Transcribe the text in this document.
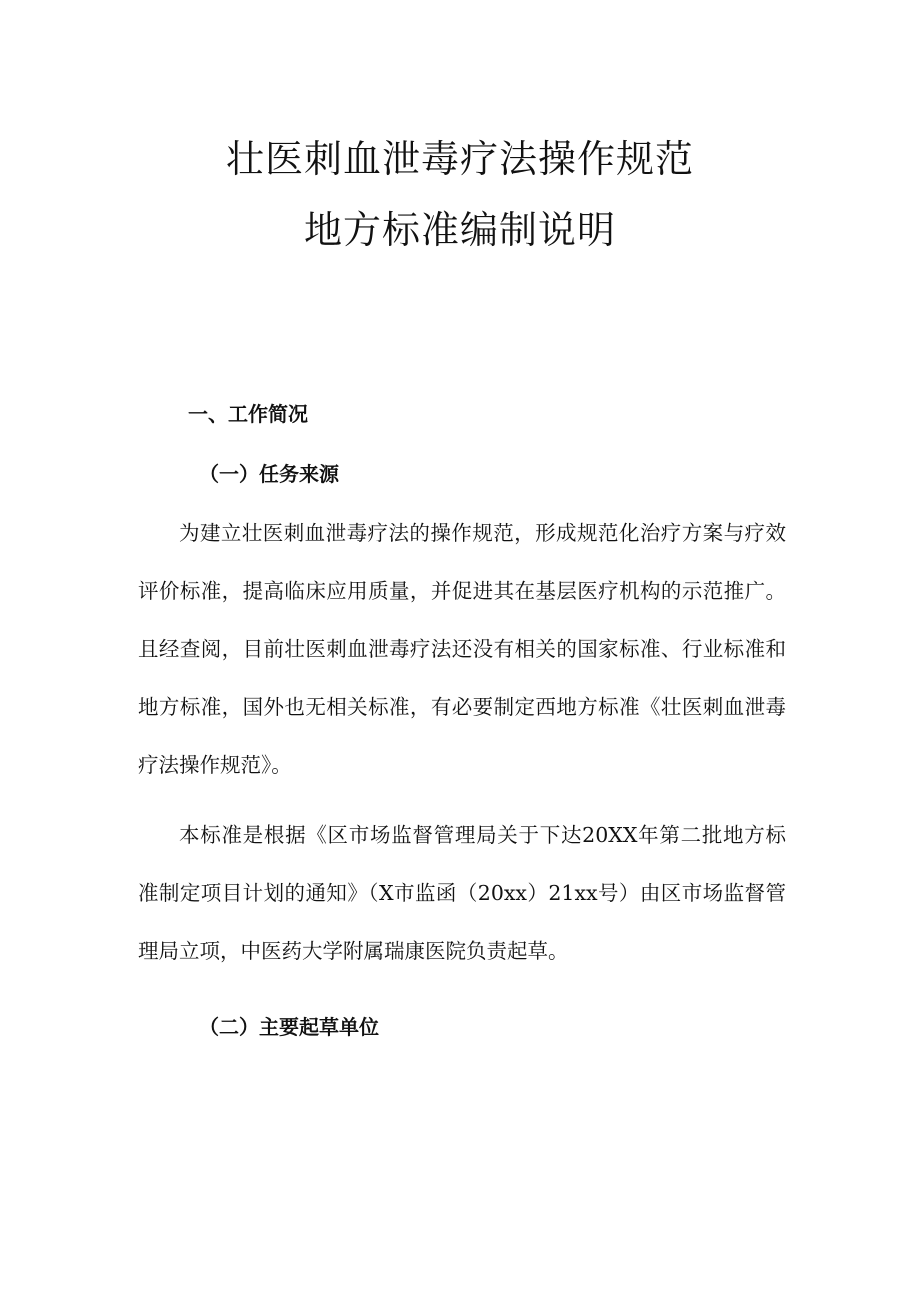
壮医刺血泄毒疗法操作规范
地方标准编制说明
一、工作简况
（一）任务来源

为建立壮医刺血泄毒疗法的操作规范，形成规范化治疗方案与疗效评价标准，提高临床应用质量，并促进其在基层医疗机构的示范推广。且经查阅，目前壮医刺血泄毒疗法还没有相关的国家标准、行业标准和地方标准，国外也无相关标准，有必要制定西地方标准《壮医刺血泄毒疗法操作规范》。

本标准是根据《区市场监督管理局关于下达20XX年第二批地方标准制定项目计划的通知》（X市监函（20xx）21xx号）由区市场监督管理局立项，中医药大学附属瑞康医院负责起草。

（二）主要起草单位
